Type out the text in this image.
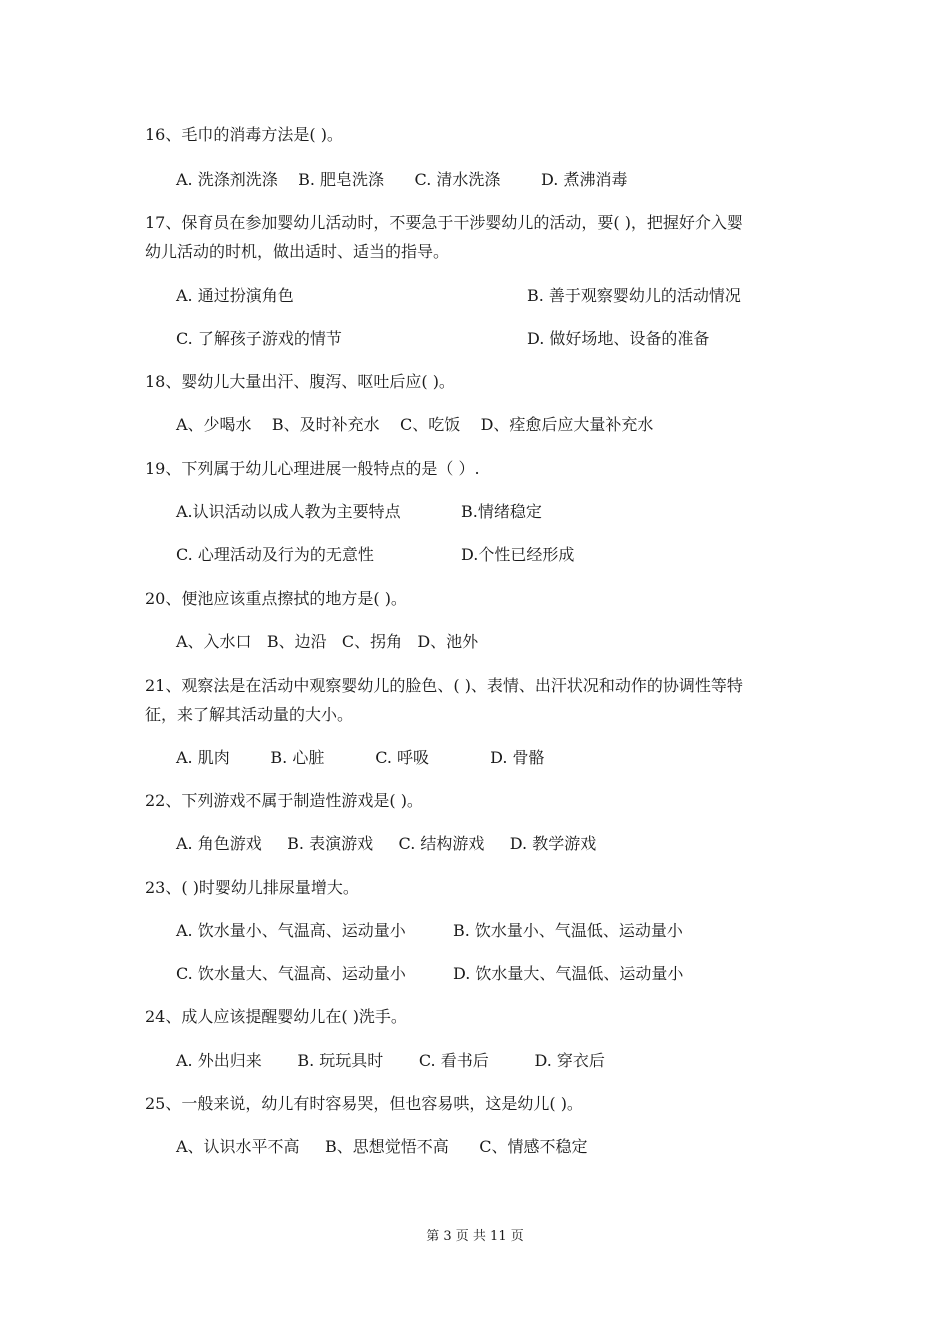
16、毛巾的消毒方法是( )。
A. 洗涤剂洗涤    B. 肥皂洗涤      C. 清水洗涤        D. 煮沸消毒
17、保育员在参加婴幼儿活动时，不要急于干涉婴幼儿的活动，要( )，把握好介入婴
幼儿活动的时机，做出适时、适当的指导。
A. 通过扮演角色	B. 善于观察婴幼儿的活动情况
C. 了解孩子游戏的情节	D. 做好场地、设备的准备
18、婴幼儿大量出汗、腹泻、呕吐后应( )。
A、少喝水    B、及时补充水    C、吃饭    D、痊愈后应大量补充水
19、下列属于幼儿心理进展一般特点的是（ ）.
A.认识活动以成人教为主要特点	B.情绪稳定
C. 心理活动及行为的无意性	D.个性已经形成
20、便池应该重点擦拭的地方是( )。
A、入水口   B、边沿   C、拐角   D、池外
21、观察法是在活动中观察婴幼儿的脸色、( )、表情、出汗状况和动作的协调性等特
征，来了解其活动量的大小。
A. 肌肉        B. 心脏          C. 呼吸            D. 骨骼
22、下列游戏不属于制造性游戏是( )。
A. 角色游戏     B. 表演游戏     C. 结构游戏     D. 教学游戏
23、( )时婴幼儿排尿量增大。
A. 饮水量小、气温高、运动量小	B. 饮水量小、气温低、运动量小
C. 饮水量大、气温高、运动量小	D. 饮水量大、气温低、运动量小
24、成人应该提醒婴幼儿在( )洗手。
A. 外出归来       B. 玩玩具时       C. 看书后         D. 穿衣后
25、一般来说，幼儿有时容易哭，但也容易哄，这是幼儿( )。
A、认识水平不高     B、思想觉悟不高      C、情感不稳定
第 3 页 共 11 页
